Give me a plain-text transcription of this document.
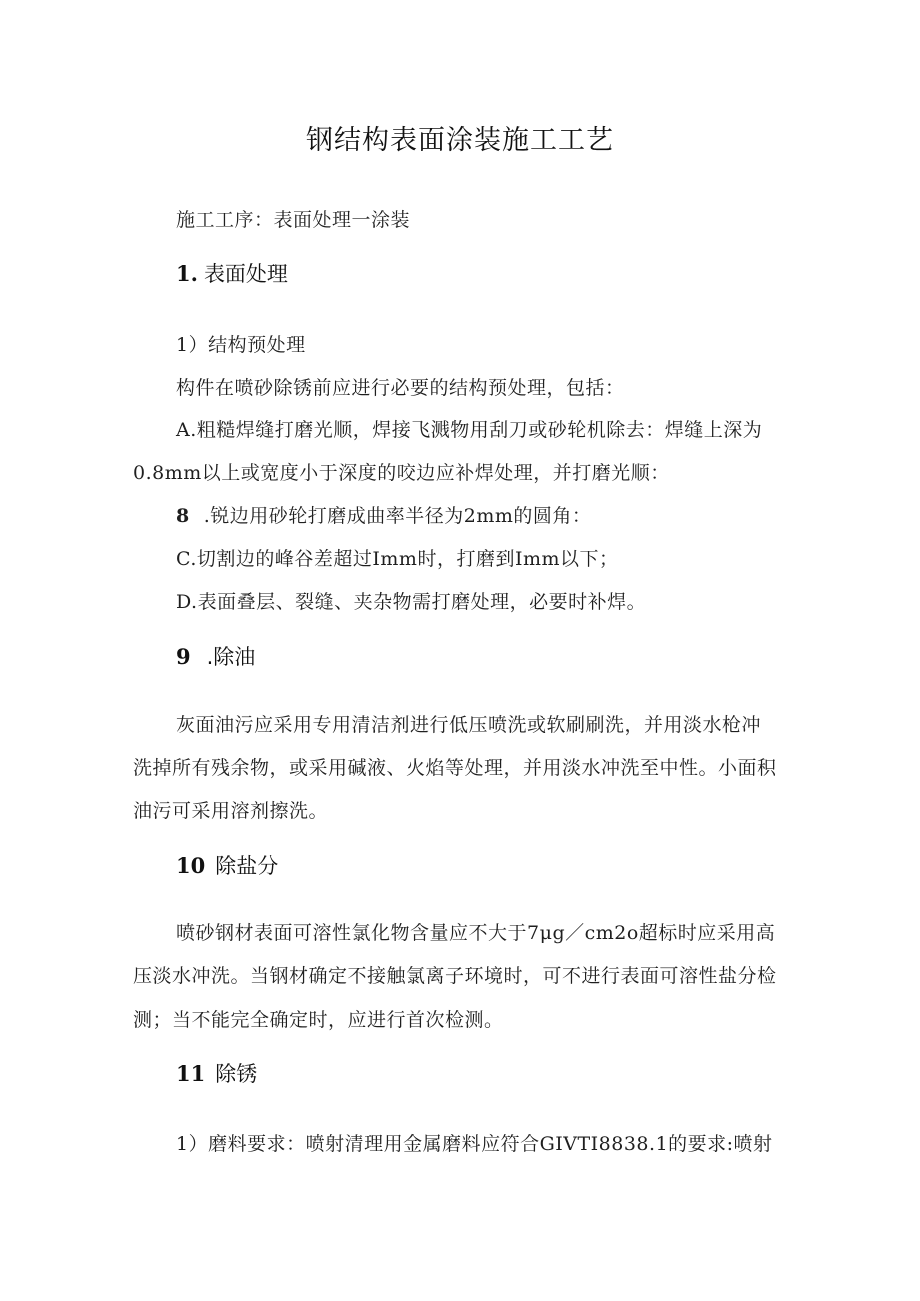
钢结构表面涂装施工工艺
施工工序：表面处理一涂装
1. 表面处理
1）结构预处理
构件在喷砂除锈前应进行必要的结构预处理，包括：
A.粗糙焊缝打磨光顺，焊接飞溅物用刮刀或砂轮机除去：焊缝上深为
0.8mm以上或宽度小于深度的咬边应补焊处理，并打磨光顺：
8 .锐边用砂轮打磨成曲率半径为2mm的圆角：
C.切割边的峰谷差超过Imm时，打磨到Imm以下；
D.表面叠层、裂缝、夹杂物需打磨处理，必要时补焊。
9 .除油
灰面油污应采用专用清洁剂进行低压喷洗或软刷刷洗，并用淡水枪冲
洗掉所有残余物，或采用碱液、火焰等处理，并用淡水冲洗至中性。小面积
油污可采用溶剂擦洗。
10 除盐分
喷砂钢材表面可溶性氯化物含量应不大于7μg／cm2o超标时应采用高
压淡水冲洗。当钢材确定不接触氯离子环境时，可不进行表面可溶性盐分检
测；当不能完全确定时，应进行首次检测。
11 除锈
1）磨料要求：喷射清理用金属磨料应符合GIVTI8838.1的要求:喷射
